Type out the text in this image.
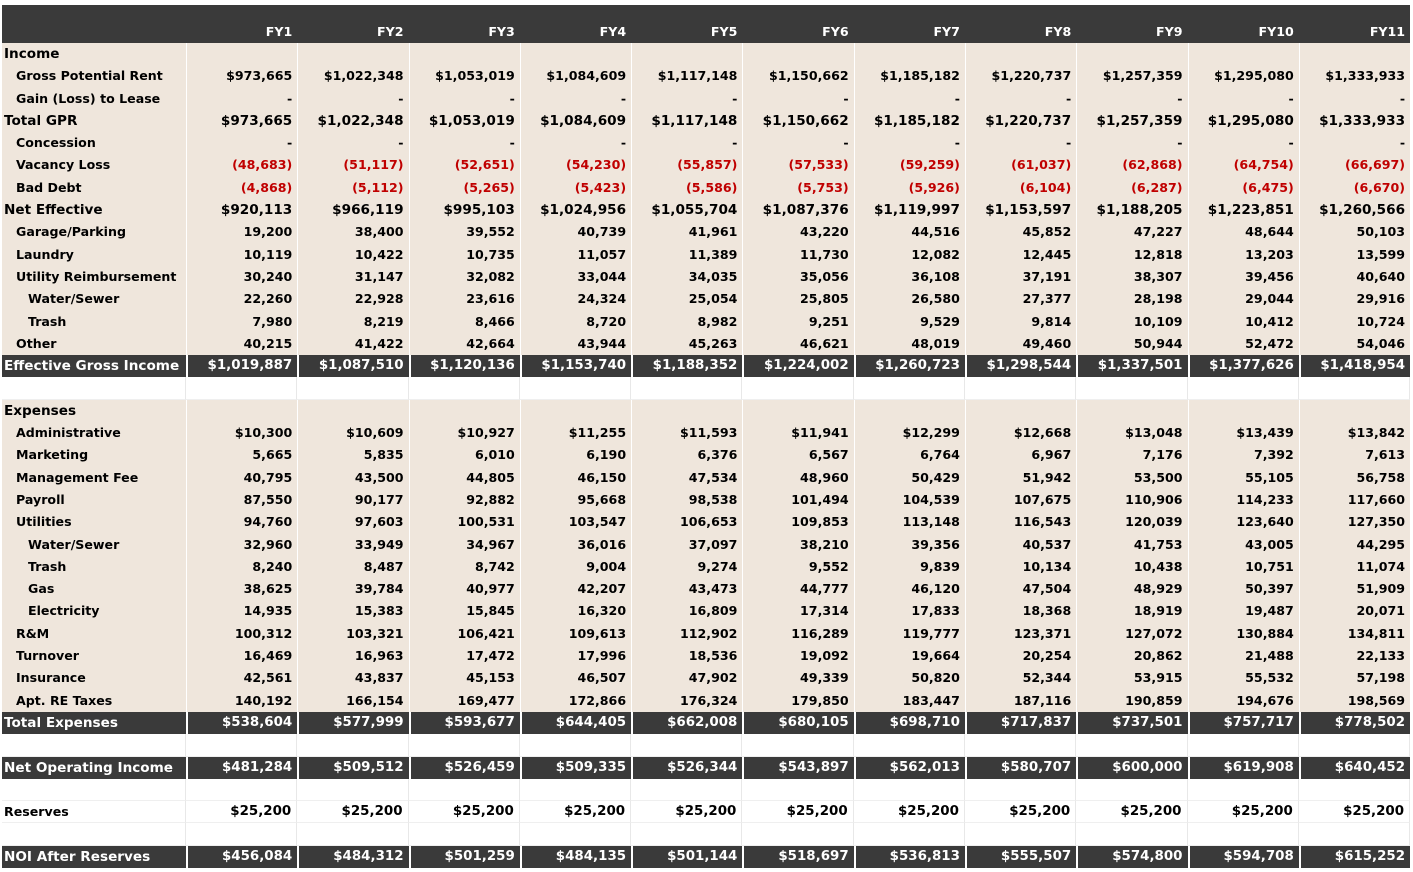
FY1	FY2	FY3	FY4	FY5	FY6	FY7	FY8	FY9	FY10	FY11
Income
Gross Potential Rent	$973,665	$1,022,348	$1,053,019	$1,084,609	$1,117,148	$1,150,662	$1,185,182	$1,220,737	$1,257,359	$1,295,080	$1,333,933
Gain (Loss) to Lease	-	-	-	-	-	-	-	-	-	-	-
Total GPR	$973,665	$1,022,348	$1,053,019	$1,084,609	$1,117,148	$1,150,662	$1,185,182	$1,220,737	$1,257,359	$1,295,080	$1,333,933
Concession	-	-	-	-	-	-	-	-	-	-	-
Vacancy Loss	(48,683)	(51,117)	(52,651)	(54,230)	(55,857)	(57,533)	(59,259)	(61,037)	(62,868)	(64,754)	(66,697)
Bad Debt	(4,868)	(5,112)	(5,265)	(5,423)	(5,586)	(5,753)	(5,926)	(6,104)	(6,287)	(6,475)	(6,670)
Net Effective	$920,113	$966,119	$995,103	$1,024,956	$1,055,704	$1,087,376	$1,119,997	$1,153,597	$1,188,205	$1,223,851	$1,260,566
Garage/Parking	19,200	38,400	39,552	40,739	41,961	43,220	44,516	45,852	47,227	48,644	50,103
Laundry	10,119	10,422	10,735	11,057	11,389	11,730	12,082	12,445	12,818	13,203	13,599
Utility Reimbursement	30,240	31,147	32,082	33,044	34,035	35,056	36,108	37,191	38,307	39,456	40,640
Water/Sewer	22,260	22,928	23,616	24,324	25,054	25,805	26,580	27,377	28,198	29,044	29,916
Trash	7,980	8,219	8,466	8,720	8,982	9,251	9,529	9,814	10,109	10,412	10,724
Other	40,215	41,422	42,664	43,944	45,263	46,621	48,019	49,460	50,944	52,472	54,046
Effective Gross Income	$1,019,887	$1,087,510	$1,120,136	$1,153,740	$1,188,352	$1,224,002	$1,260,723	$1,298,544	$1,337,501	$1,377,626	$1,418,954
Expenses
Administrative	$10,300	$10,609	$10,927	$11,255	$11,593	$11,941	$12,299	$12,668	$13,048	$13,439	$13,842
Marketing	5,665	5,835	6,010	6,190	6,376	6,567	6,764	6,967	7,176	7,392	7,613
Management Fee	40,795	43,500	44,805	46,150	47,534	48,960	50,429	51,942	53,500	55,105	56,758
Payroll	87,550	90,177	92,882	95,668	98,538	101,494	104,539	107,675	110,906	114,233	117,660
Utilities	94,760	97,603	100,531	103,547	106,653	109,853	113,148	116,543	120,039	123,640	127,350
Water/Sewer	32,960	33,949	34,967	36,016	37,097	38,210	39,356	40,537	41,753	43,005	44,295
Trash	8,240	8,487	8,742	9,004	9,274	9,552	9,839	10,134	10,438	10,751	11,074
Gas	38,625	39,784	40,977	42,207	43,473	44,777	46,120	47,504	48,929	50,397	51,909
Electricity	14,935	15,383	15,845	16,320	16,809	17,314	17,833	18,368	18,919	19,487	20,071
R&M	100,312	103,321	106,421	109,613	112,902	116,289	119,777	123,371	127,072	130,884	134,811
Turnover	16,469	16,963	17,472	17,996	18,536	19,092	19,664	20,254	20,862	21,488	22,133
Insurance	42,561	43,837	45,153	46,507	47,902	49,339	50,820	52,344	53,915	55,532	57,198
Apt. RE Taxes	140,192	166,154	169,477	172,866	176,324	179,850	183,447	187,116	190,859	194,676	198,569
Total Expenses	$538,604	$577,999	$593,677	$644,405	$662,008	$680,105	$698,710	$717,837	$737,501	$757,717	$778,502
Net Operating Income	$481,284	$509,512	$526,459	$509,335	$526,344	$543,897	$562,013	$580,707	$600,000	$619,908	$640,452
Reserves	$25,200	$25,200	$25,200	$25,200	$25,200	$25,200	$25,200	$25,200	$25,200	$25,200	$25,200
NOI After Reserves	$456,084	$484,312	$501,259	$484,135	$501,144	$518,697	$536,813	$555,507	$574,800	$594,708	$615,252
